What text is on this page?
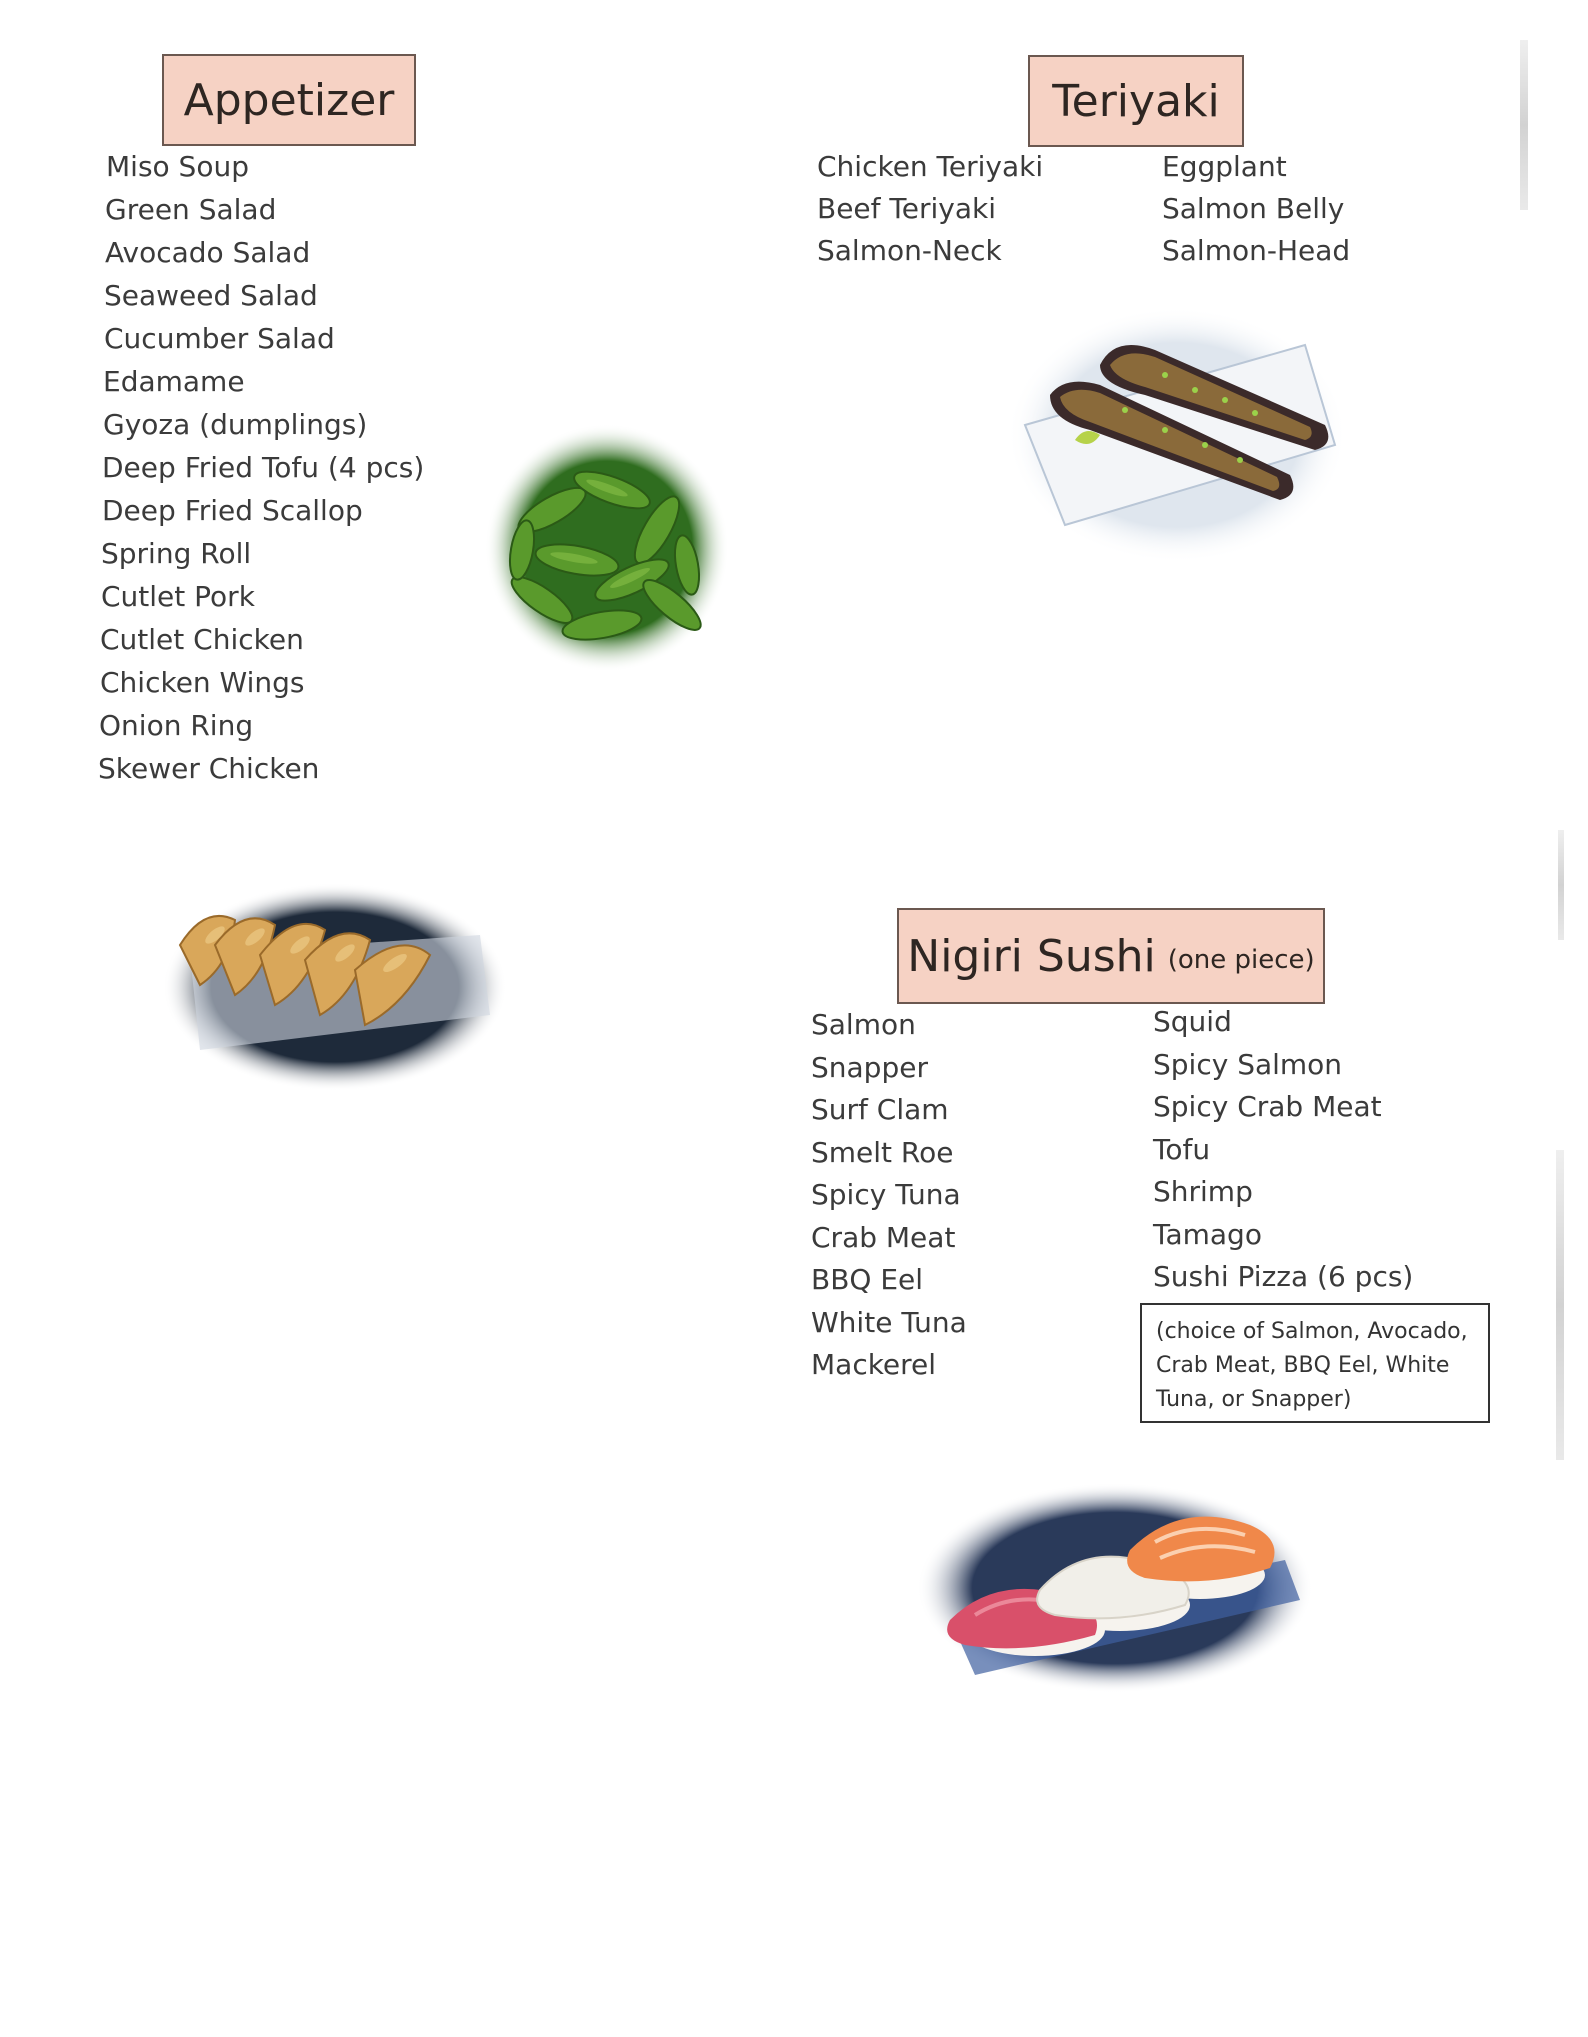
Appetizer
Miso Soup
Green Salad
Avocado Salad
Seaweed Salad
Cucumber Salad
Edamame
Gyoza (dumplings)
Deep Fried Tofu (4 pcs)
Deep Fried Scallop
Spring Roll
Cutlet Pork
Cutlet Chicken
Chicken Wings
Onion Ring
Skewer Chicken
Teriyaki
Chicken Teriyaki
Beef Teriyaki
Salmon-Neck
Eggplant
Salmon Belly
Salmon-Head
Nigiri Sushi (one piece)
Salmon
Snapper
Surf Clam
Smelt Roe
Spicy Tuna
Crab Meat
BBQ Eel
White Tuna
Mackerel
Squid
Spicy Salmon
Spicy Crab Meat
Tofu
Shrimp
Tamago
Sushi Pizza (6 pcs)
(choice of Salmon, Avocado,
Crab Meat, BBQ Eel, White
Tuna, or Snapper)
